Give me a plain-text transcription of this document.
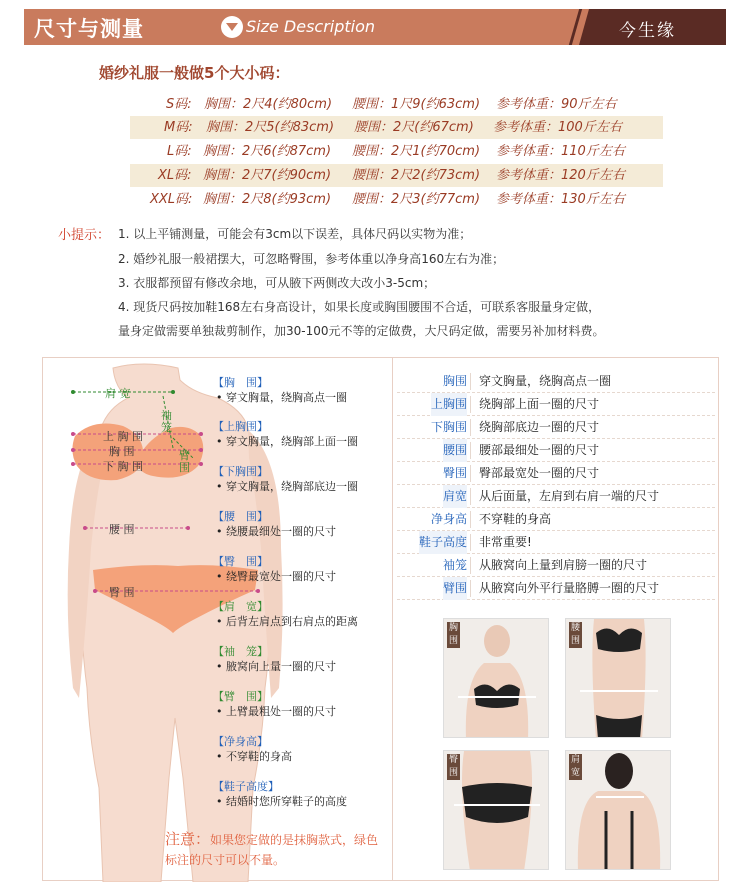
尺寸与测量	Size Description	今生缘
婚纱礼服一般做5个大小码：
S码: 胸围：2尺4(约80cm) 腰围：1尺9(约63cm) 参考体重：90斤左右
M码: 胸围：2尺5(约83cm) 腰围：2尺(约67cm) 参考体重：100斤左右
L码: 胸围：2尺6(约87cm) 腰围：2尺1(约70cm) 参考体重：110斤左右
XL码: 胸围：2尺7(约90cm) 腰围：2尺2(约73cm) 参考体重：120斤左右
XXL码: 胸围：2尺8(约93cm) 腰围：2尺3(约77cm) 参考体重：130斤左右
小提示： 1. 以上平铺测量，可能会有3cm以下误差，具体尺码以实物为准；
2. 婚纱礼服一般裙摆大，可忽略臀围，参考体重以净身高160左右为准；
3. 衣服都预留有修改余地，可从腋下两侧改大改小3-5cm；
4. 现货尺码按加鞋168左右身高设计，如果长度或胸围腰围不合适，可联系客服量身定做，
量身定做需要单独裁剪制作，加30-100元不等的定做费，大尺码定做，需要另补加材料费。
肩 宽
袖 笼
上 胸 围
胸 围
下 胸 围
臂 围
腰 围
臀 围
【胸　围】
• 穿文胸量，绕胸高点一圈
【上胸围】
• 穿文胸量，绕胸部上面一圈
【下胸围】
• 穿文胸量，绕胸部底边一圈
【腰　围】
• 绕腰最细处一圈的尺寸
【臀　围】
• 绕臀最宽处一圈的尺寸
【肩　宽】
• 后背左肩点到右肩点的距离
【袖　笼】
• 腋窝向上量一圈的尺寸
【臂　围】
• 上臂最粗处一圈的尺寸
【净身高】
• 不穿鞋的身高
【鞋子高度】
• 结婚时您所穿鞋子的高度
注意：如果您定做的是抹胸款式，绿色标注的尺寸可以不量。
胸围 穿文胸量，绕胸高点一圈
上胸围 绕胸部上面一圈的尺寸
下胸围 绕胸部底边一圈的尺寸
腰围 腰部最细处一圈的尺寸
臀围 臀部最宽处一圈的尺寸
肩宽 从后面量，左肩到右肩一端的尺寸
净身高 不穿鞋的身高
鞋子高度 非常重要!
袖笼 从腋窝向上量到肩膀一圈的尺寸
臂围 从腋窝向外平行量胳膊一圈的尺寸
胸围
腰围
臀围
肩宽
